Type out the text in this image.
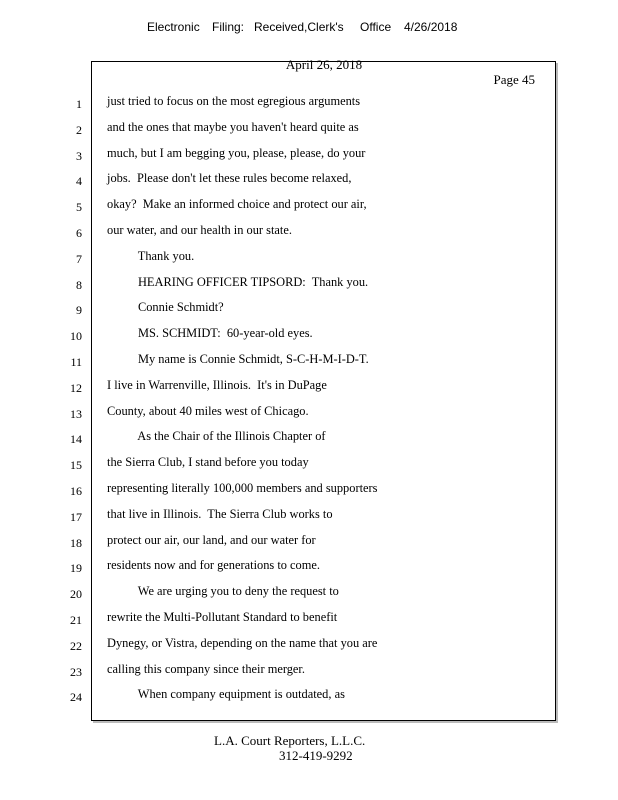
Electronic Filing: Received,Clerk's Office 4/26/2018
April 26, 2018
Page 45
1
2
3
4
5
6
7
8
9
10
11
12
13
14
15
16
17
18
19
20
21
22
23
24
just tried to focus on the most egregious arguments
and the ones that maybe you haven't heard quite as
much, but I am begging you, please, please, do your
jobs.  Please don't let these rules become relaxed,
okay?  Make an informed choice and protect our air,
our water, and our health in our state.
Thank you.
HEARING OFFICER TIPSORD:  Thank you.
Connie Schmidt?
MS. SCHMIDT:  60-year-old eyes.
My name is Connie Schmidt, S-C-H-M-I-D-T.
I live in Warrenville, Illinois.  It's in DuPage
County, about 40 miles west of Chicago.
As the Chair of the Illinois Chapter of
the Sierra Club, I stand before you today
representing literally 100,000 members and supporters
that live in Illinois.  The Sierra Club works to
protect our air, our land, and our water for
residents now and for generations to come.
We are urging you to deny the request to
rewrite the Multi-Pollutant Standard to benefit
Dynegy, or Vistra, depending on the name that you are
calling this company since their merger.
When company equipment is outdated, as
L.A. Court Reporters, L.L.C.
312-419-9292
